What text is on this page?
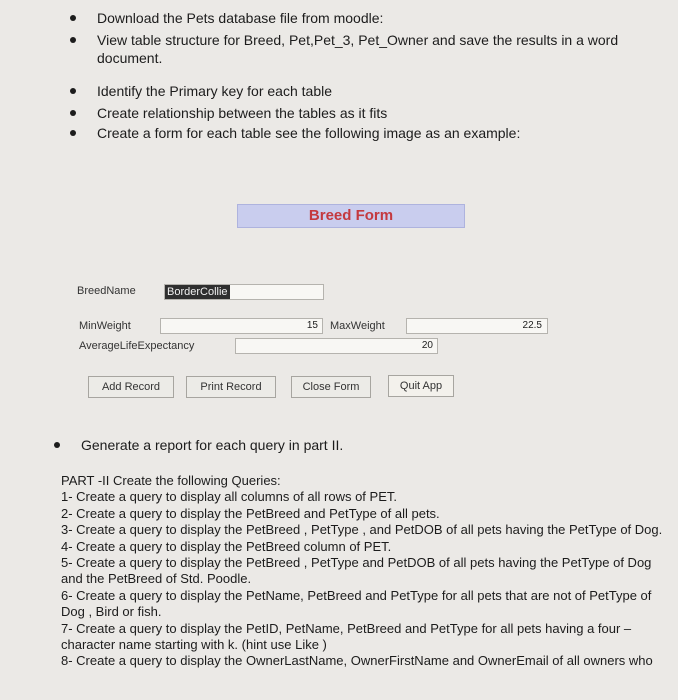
Download the Pets database file from moodle:
View table structure for Breed, Pet,Pet_3, Pet_Owner and save the results in a word
document.
Identify the Primary key for each table
Create relationship between the tables as it fits
Create a form for each table see the following image as an example:
Breed Form
BreedName	BorderCollie
MinWeight	15 MaxWeight	22.5
AverageLifeExpectancy	20
Add Record	Print Record	Close Form	Quit App
Generate a report for each query in part II.
PART -II Create the following Queries:
1- Create a query to display all columns of all rows of PET.
2- Create a query to display the PetBreed and PetType of all pets.
3- Create a query to display the PetBreed , PetType , and PetDOB of all pets having the PetType of Dog.
4- Create a query to display the PetBreed column of PET.
5- Create a query to display the PetBreed , PetType and PetDOB of all pets having the PetType of Dog
and the PetBreed of Std. Poodle.
6- Create a query to display the PetName, PetBreed and PetType for all pets that are not of PetType of
Dog , Bird or fish.
7- Create a query to display the PetID, PetName, PetBreed and PetType for all pets having a four –
character name starting with k. (hint use Like )
8- Create a query to display the OwnerLastName, OwnerFirstName and OwnerEmail of all owners who
